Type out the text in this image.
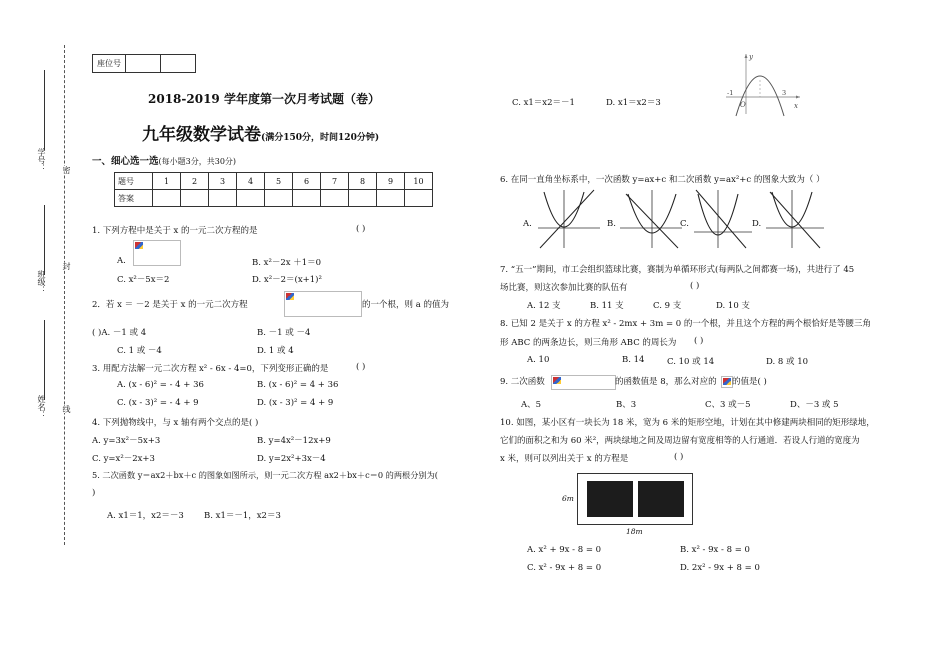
学号：
班级：
姓名：
密
封
线
座位号		
2018-2019 学年度第一次月考试题（卷）
九年级数学试卷(满分150分，时间120分钟)
一、细心选一选(每小题3分，共30分)
题号	1	2	3	4	5	6	7	8	9	10
答案										
1. 下列方程中是关于 x 的一元二次方程的是	( )
A.	B. x²－2x ＋1＝0
C. x²－5x＝2	D. x²－2＝(x+1)²
2．若 x ＝ －2 是关于 x 的一元二次方程	的一个根，则 a 的值为
( )A. －1 或 4	B. －1 或 －4
C. 1 或 －4	D. 1 或 4
3. 用配方法解一元二次方程 x² - 6x - 4=0，下列变形正确的是	( )
A. (x - 6)² = - 4 + 36	B. (x - 6)² = 4 + 36
C. (x - 3)² = - 4 + 9	D. (x - 3)² = 4 + 9
4. 下列抛物线中，与 x 轴有两个交点的是( )
A. y=3x²－5x+3	B. y=4x²－12x+9
C. y=x²－2x+3	D. y=2x²+3x－4
5. 二次函数 y＝ax2＋bx＋c 的图象如图所示，则一元二次方程 ax2＋bx＋c＝0 的两根分别为(
)
A. x1＝1，x2＝－3 B. x1＝－1，x2＝3
C. x1＝x2＝－1	D. x1＝x2＝3
y
x
O
-1	3
6. 在同一直角坐标系中，一次函数 y=ax+c 和二次函数 y=ax²+c 的图象大致为（ ）
A.	B.	C.	D.
7. “五一”期间，市工会组织篮球比赛，赛制为单循环形式(每两队之间都赛一场)，共进行了 45
场比赛，则这次参加比赛的队伍有	( )
A. 12 支	B. 11 支	C. 9 支	D. 10 支
8. 已知 2 是关于 x 的方程 x² - 2mx + 3m = 0 的一个根，并且这个方程的两个根恰好是等腰三角
形 ABC 的两条边长，则三角形 ABC 的周长为 ( )
A. 10	B. 14	C. 10 或 14	D. 8 或 10
9. 二次函数	的函数值是 8，那么对应的 的值是( )
A、5	B、3	C、3 或－5	D、－3 或 5
10. 如图，某小区有一块长为 18 米，宽为 6 米的矩形空地，计划在其中修建两块相同的矩形绿地，
它们的面积之和为 60 米²，两块绿地之间及周边留有宽度相等的人行通道．若设人行道的宽度为
x 米，则可以列出关于 x 的方程是	( )
6m
18m
A. x² + 9x - 8 = 0	B. x² - 9x - 8 = 0
C. x² - 9x + 8 = 0	D. 2x² - 9x + 8 = 0
